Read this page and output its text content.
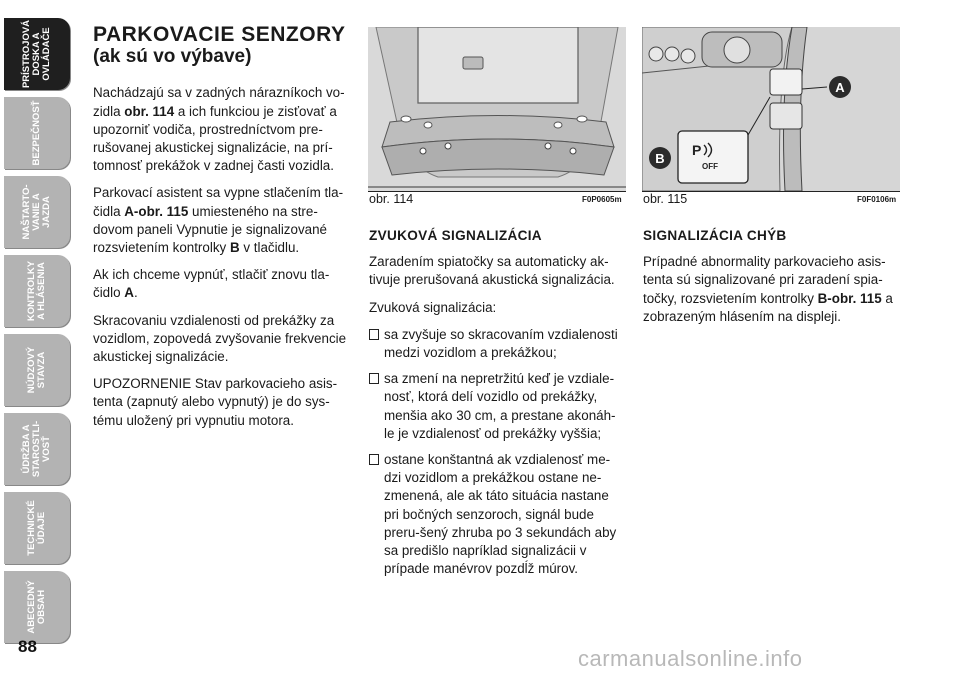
PRÍSTROJOVÁ
DOSKA A
OVLÁDAČE
BEZPEČNOSŤ
NAŠTARTO-
VANIE A
JAZDA
KONTROLKY
A HLÁSENIA
NÚDZOVÝ
STAVZA
ÚDRŽBA A
STAROSTLI-
VOSŤ
TECHNICKÉ
ÚDAJE
ABECEDNÝ
OBSAH
88
PARKOVACIE SENZORY
(ak sú vo výbave)

Nachádzajú sa v zadných nárazníkoch vo-zidla obr. 114 a ich funkciou je zisťovať a upozorniť vodiča, prostredníctvom pre-rušovanej akustickej signalizácie, na prí-tomnosť prekážok v zadnej časti vozidla.

Parkovací asistent sa vypne stlačením tla-čidla A-obr. 115 umiesteného na stre-dovom paneli Vypnutie je signalizované rozsvietením kontrolky B v tlačidlu.

Ak ich chceme vypnúť, stlačiť znovu tla-čidlo A.

Skracovaniu vzdialenosti od prekážky za vozidlom, zopovedá zvyšovanie frekvencie akustickej signalizácie.

UPOZORNENIE Stav parkovacieho asis-tenta (zapnutý alebo vypnutý) je do sys-tému uložený pri vypnutiu motora.

obr. 114	F0P0605m
ZVUKOVÁ SIGNALIZÁCIA

Zaradením spiatočky sa automaticky ak-tivuje prerušovaná akustická signalizácia.

Zvuková signalizácia:

sa zvyšuje so skracovaním vzdialenosti medzi vozidlom a prekážkou;
sa zmení na nepretržitú keď je vzdiale-nosť, ktorá delí vozidlo od prekážky, menšia ako 30 cm, a prestane akonáh-le je vzdialenosť od prekážky vyššia;
ostane konštantná ak vzdialenosť me-dzi vozidlom a prekážkou ostane ne-zmenená, ale ak táto situácia nastane pri bočných senzoroch, signál bude preru-šený zhruba po 3 sekundách aby sa predišlo napríklad signalizácii v prípade manévrov pozdĺž múrov.
A
P
OFF
B
obr. 115	F0F0106m
SIGNALIZÁCIA CHÝB

Prípadné abnormality parkovacieho asis-tenta sú signalizované pri zaradení spia-točky, rozsvietením kontrolky B-obr. 115 a zobrazeným hlásením na displeji.

carmanualsonline.info
